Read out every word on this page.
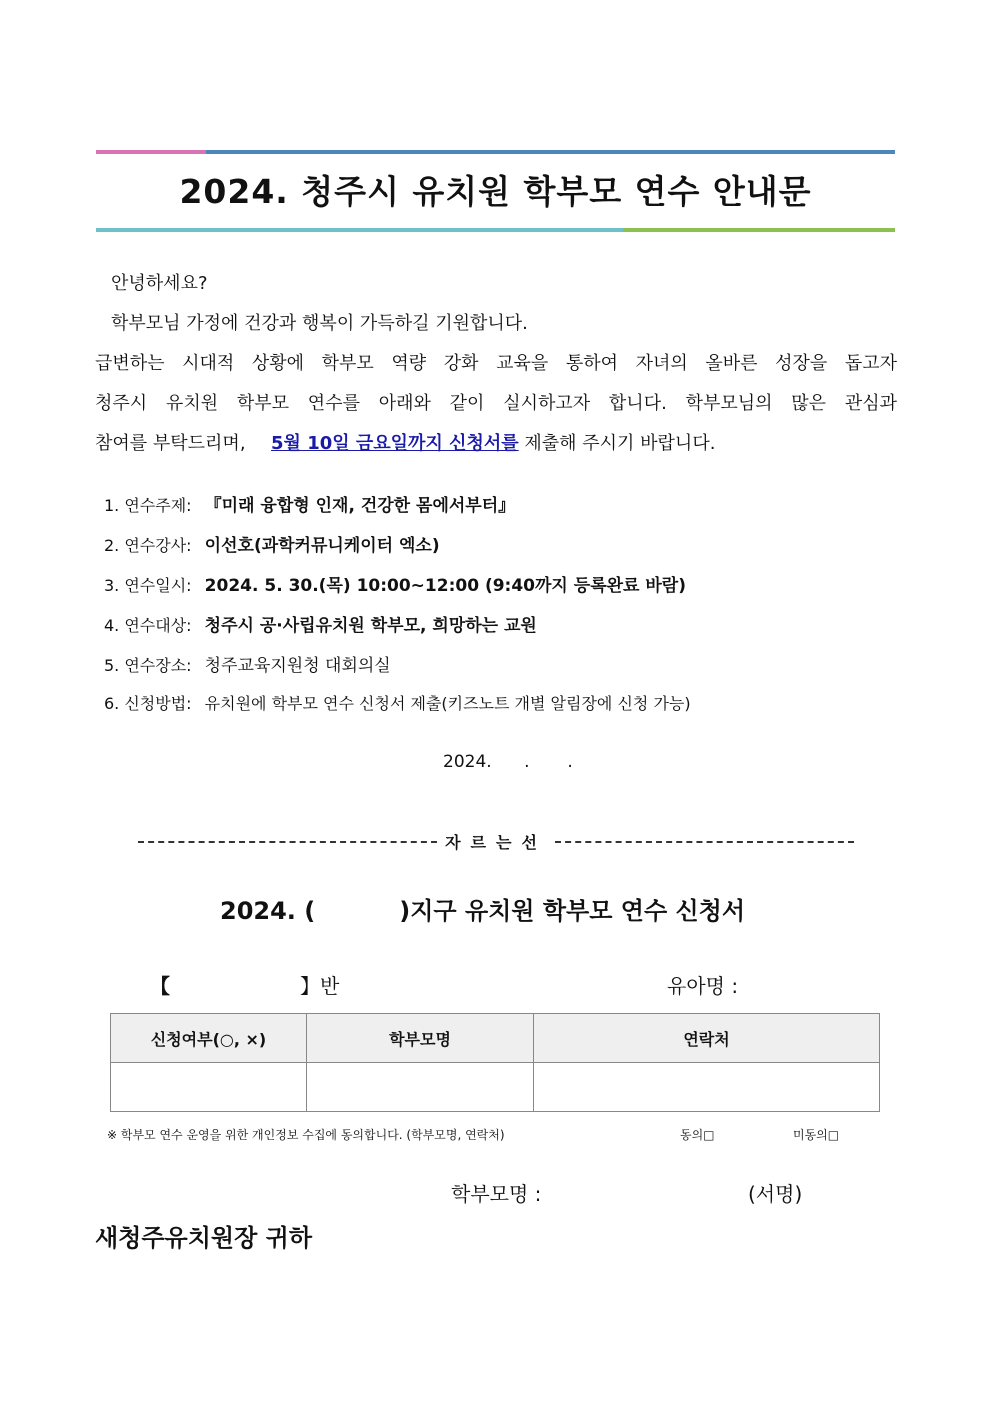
2024. 청주시 유치원 학부모 연수 안내문
안녕하세요?
학부모님 가정에 건강과 행복이 가득하길 기원합니다.
급변하는 시대적 상황에 학부모 역량 강화 교육을 통하여 자녀의 올바른 성장을 돕고자
청주시 유치원 학부모 연수를 아래와 같이 실시하고자 합니다. 학부모님의 많은 관심과
참여를 부탁드리며, 5월 10일 금요일까지 신청서를 제출해 주시기 바랍니다.
1. 연수주제: 『미래 융합형 인재, 건강한 몸에서부터』
2. 연수강사: 이선호(과학커뮤니케이터 엑소)
3. 연수일시: 2024. 5. 30.(목) 10:00~12:00 (9:40까지 등록완료 바람)
4. 연수대상: 청주시 공·사립유치원 학부모, 희망하는 교원
5. 연수장소: 청주교육지원청 대회의실
6. 신청방법: 유치원에 학부모 연수 신청서 제출(키즈노트 개별 알림장에 신청 가능)
2024.      .       .
자르는선
2024. (	)지구 유치원 학부모 연수 신청서
【	】반	유아명 :
신청여부(○, ×)	학부모명	연락처

※ 학부모 연수 운영을 위한 개인정보 수집에 동의합니다. (학부모명, 연락처)	동의□	미동의□
학부모명 :	(서명)
새청주유치원장 귀하
